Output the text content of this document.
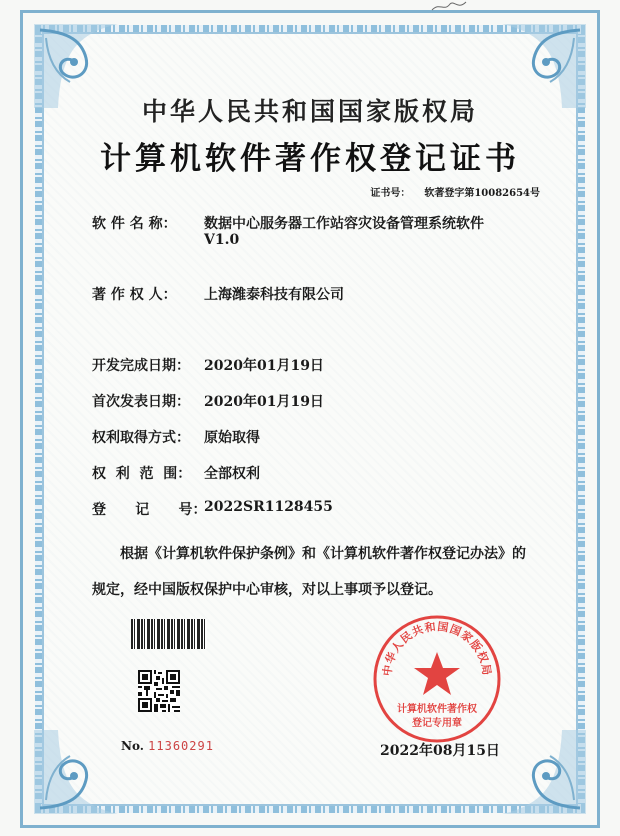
中华人民共和国国家版权局
计算机软件著作权登记证书
证书号： 软著登字第10082654号
软 件 名 称： 数据中心服务器工作站容灾设备管理系统软件
V1.0
著 作 权 人： 上海潍泰科技有限公司
开发完成日期： 2020年01月19日
首次发表日期： 2020年01月19日
权利取得方式： 原始取得
权  利  范  围： 全部权利
登      记      号：2022SR1128455
根据《计算机软件保护条例》和《计算机软件著作权登记办法》的
规定，经中国版权保护中心审核，对以上事项予以登记。
No. 11360291
中华人民共和国国家版权局
计算机软件著作权
登记专用章
2022年08月15日
